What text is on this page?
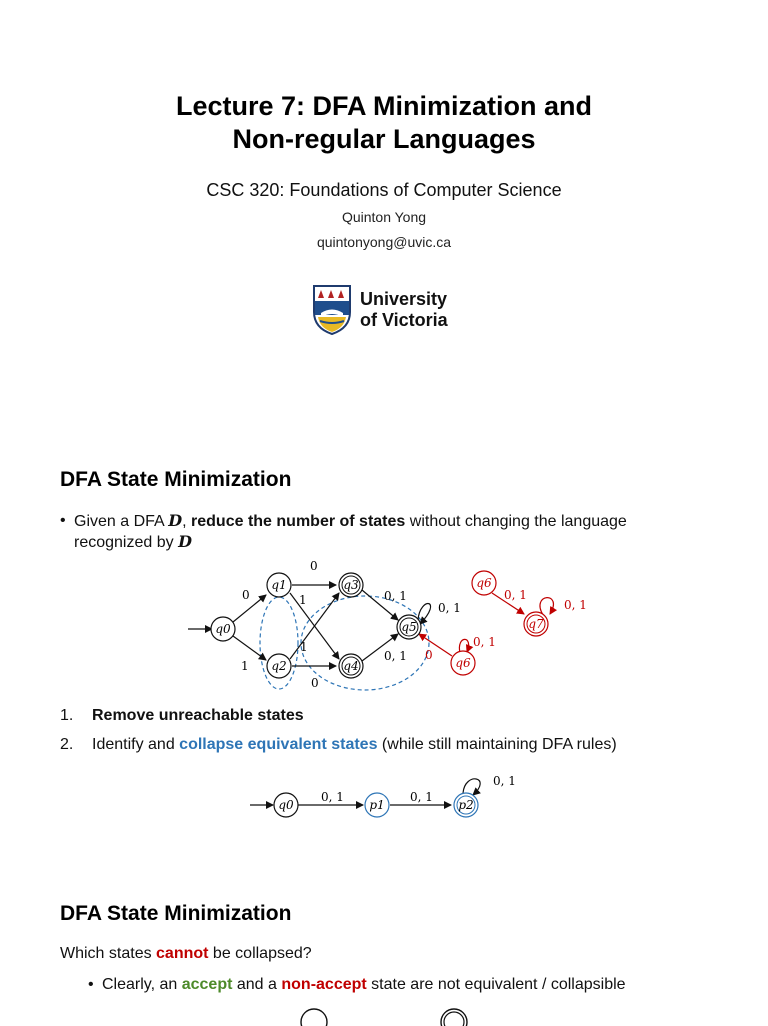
Lecture 7: DFA Minimization and
Non-regular Languages
CSC 320: Foundations of Computer Science
Quinton Yong
quintonyong@uvic.ca
University
of Victoria
DFA State Minimization
• Given a DFA D, reduce the number of states without changing the language
recognized by D
q0
q1
q2
q3
q4
q5
q6
q6
q7
0
1
0
1
1
0
0, 1
0, 1
0, 1
0
0, 1
0, 1
0, 1
1. Remove unreachable states
2. Identify and collapse equivalent states (while still maintaining DFA rules)
q0	p1	p2
0, 1	0, 1
0, 1
DFA State Minimization
Which states cannot be collapsed?
• Clearly, an accept and a non-accept state are not equivalent / collapsible
